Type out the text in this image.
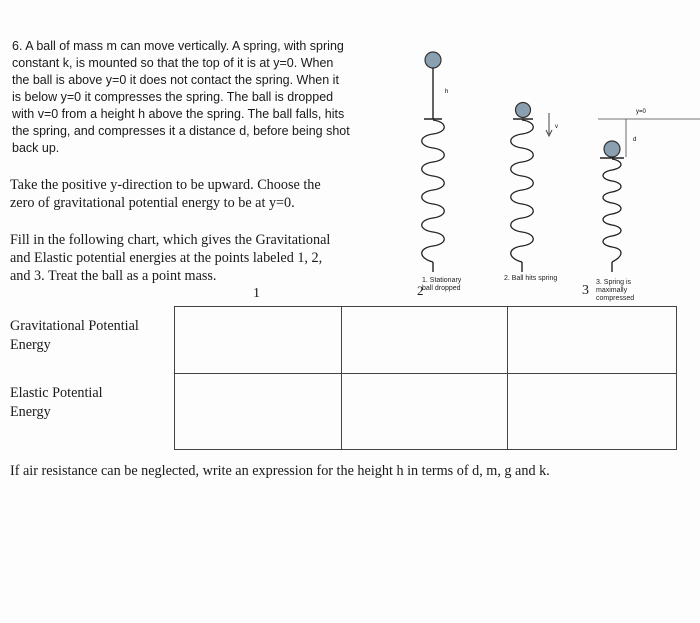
6. A ball of mass m can move vertically. A spring, with spring
constant k, is mounted so that the top of it is at y=0. When
the ball is above y=0 it does not contact the spring. When it
is below y=0 it compresses the spring. The ball is dropped
with v=0 from a height h above the spring. The ball falls, hits
the spring, and compresses it a distance d, before being shot
back up.
Take the positive y-direction to be upward. Choose the
zero of gravitational potential energy to be at y=0.
Fill in the following chart, which gives the Gravitational
and Elastic potential energies at the points labeled 1, 2,
and 3. Treat the ball as a point mass.
1	2	3
h
v
y=0
d
1. Stationary
ball dropped
2. Ball hits spring
3. Spring is
maximally
compressed
Gravitational Potential
Energy
Elastic Potential
Energy

If air resistance can be neglected, write an expression for the height h in terms of d, m, g and k.
